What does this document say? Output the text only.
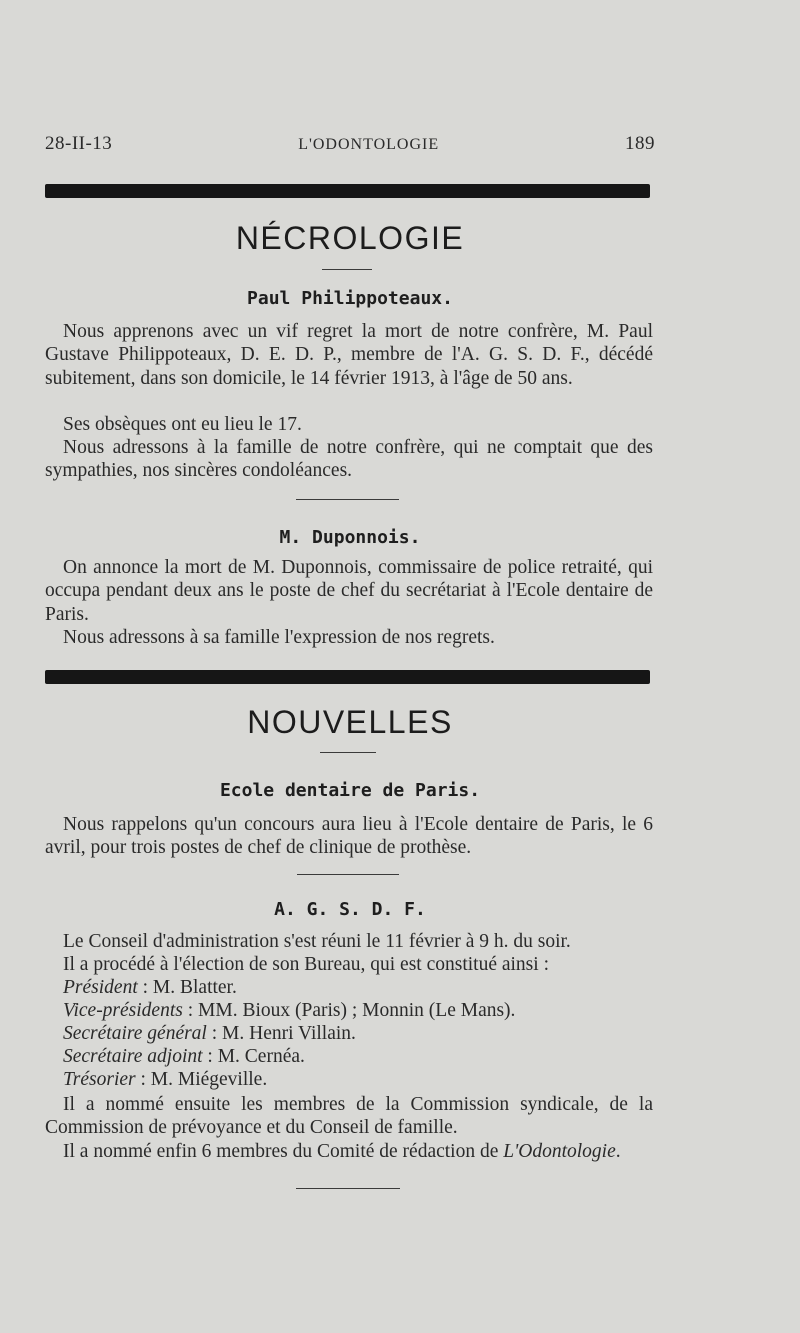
28-II-13	L'ODONTOLOGIE	189
NÉCROLOGIE
Paul Philippoteaux.

Nous apprenons avec un vif regret la mort de notre confrère, M. Paul Gustave Philippoteaux, D. E. D. P., membre de l'A. G. S. D. F., décédé subitement, dans son domicile, le 14 février 1913, à l'âge de 50 ans.

Ses obsèques ont eu lieu le 17.

Nous adressons à la famille de notre confrère, qui ne comptait que des sympathies, nos sincères condoléances.

M. Duponnois.

On annonce la mort de M. Duponnois, commissaire de police retraité, qui occupa pendant deux ans le poste de chef du secrétariat à l'Ecole dentaire de Paris.

Nous adressons à sa famille l'expression de nos regrets.

NOUVELLES
Ecole dentaire de Paris.

Nous rappelons qu'un concours aura lieu à l'Ecole dentaire de Paris, le 6 avril, pour trois postes de chef de clinique de prothèse.

A. G. S. D. F.

Le Conseil d'administration s'est réuni le 11 février à 9 h. du soir.

Il a procédé à l'élection de son Bureau, qui est constitué ainsi :

Président : M. Blatter.

Vice-présidents : MM. Bioux (Paris) ; Monnin (Le Mans).

Secrétaire général : M. Henri Villain.

Secrétaire adjoint : M. Cernéa.

Trésorier : M. Miégeville.

Il a nommé ensuite les membres de la Commission syndicale, de la Commission de prévoyance et du Conseil de famille.

Il a nommé enfin 6 membres du Comité de rédaction de L'Odontologie.
